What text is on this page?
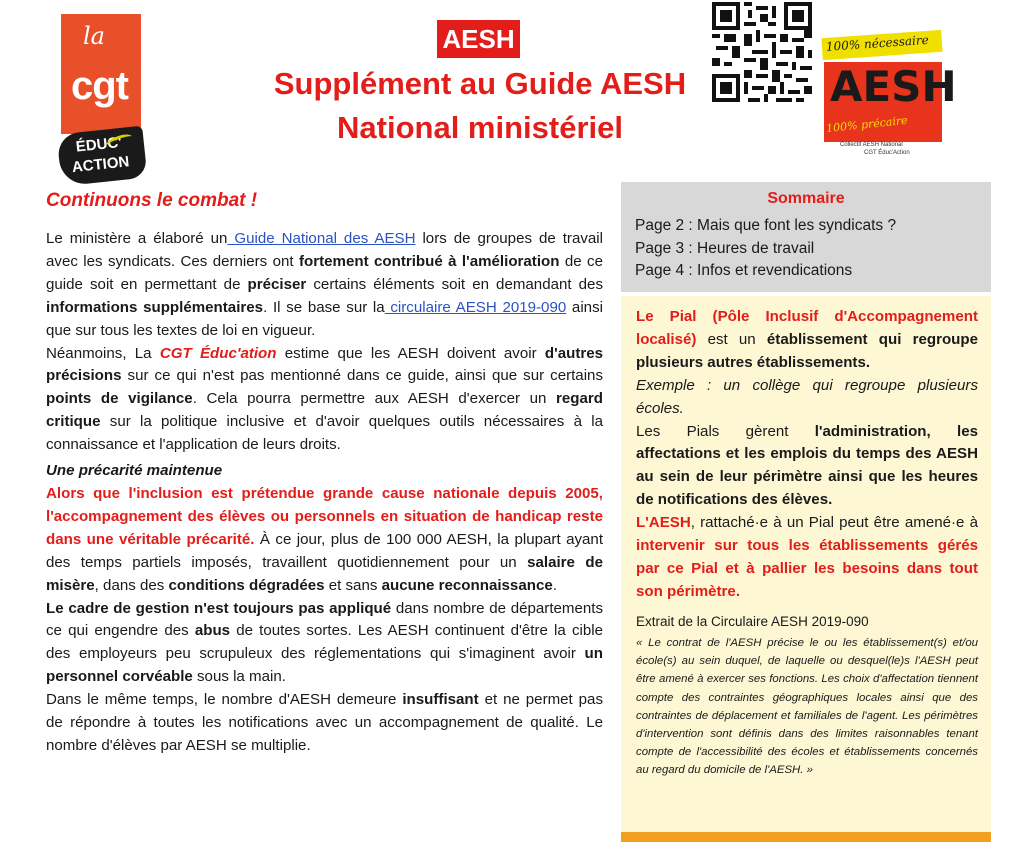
la
cgt
ÉDUC'
ACTION
AESH
Supplément au Guide AESH
National ministériel
100% nécessaire
AESH
100% précaire
Collectif AESH National
CGT Éduc'Action
Continuons le combat !

Le ministère a élaboré un Guide National des AESH lors de groupes de travail avec les syndicats. Ces derniers ont fortement contribué à l'amélioration de ce guide soit en permettant de préciser certains éléments soit en demandant des informations supplémentaires. Il se base sur la circulaire AESH 2019-090 ainsi que sur tous les textes de loi en vigueur.

Néanmoins, La CGT Éduc'ation estime que les AESH doivent avoir d'autres précisions sur ce qui n'est pas mentionné dans ce guide, ainsi que sur certains points de vigilance. Cela pourra permettre aux AESH d'exercer un regard critique sur la politique inclusive et d'avoir quelques outils nécessaires à la connaissance et l'application de leurs droits.

Une précarité maintenue

Alors que l'inclusion est prétendue grande cause nationale depuis 2005, l'accompagnement des élèves ou personnels en situation de handicap reste dans une véritable précarité. À ce jour, plus de 100 000 AESH, la plupart ayant des temps partiels imposés, travaillent quotidiennement pour un salaire de misère, dans des conditions dégradées et sans aucune reconnaissance.

Le cadre de gestion n'est toujours pas appliqué dans nombre de départements ce qui engendre des abus de toutes sortes. Les AESH continuent d'être la cible des employeurs peu scrupuleux des réglementations qui s'imaginent avoir un personnel corvéable sous la main.

Dans le même temps, le nombre d'AESH demeure insuffisant et ne permet pas de répondre à toutes les notifications avec un accompagnement de qualité. Le nombre d'élèves par AESH se multiplie.

Sommaire
Page 2 : Mais que font les syndicats ?
Page 3 : Heures de travail
Page 4 : Infos et revendications

Le Pial (Pôle Inclusif d'Accompagnement localisé) est un établissement qui regroupe plusieurs autres établissements.

Exemple : un collège qui regroupe plusieurs écoles.

Les Pials gèrent l'administration, les affectations et les emplois du temps des AESH au sein de leur périmètre ainsi que les heures de notifications des élèves.

L'AESH, rattaché·e à un Pial peut être amené·e à intervenir sur tous les établissements gérés par ce Pial et à pallier les besoins dans tout son périmètre.

Extrait de la Circulaire AESH 2019-090
« Le contrat de l'AESH précise le ou les établissement(s) et/ou école(s) au sein duquel, de laquelle ou desquel(le)s l'AESH peut être amené à exercer ses fonctions. Les choix d'affectation tiennent compte des contraintes géographiques locales ainsi que des contraintes de déplacement et familiales de l'agent. Les périmètres d'intervention sont définis dans des limites raisonnables tenant compte de l'accessibilité des écoles et établissements concernés au regard du domicile de l'AESH. »
